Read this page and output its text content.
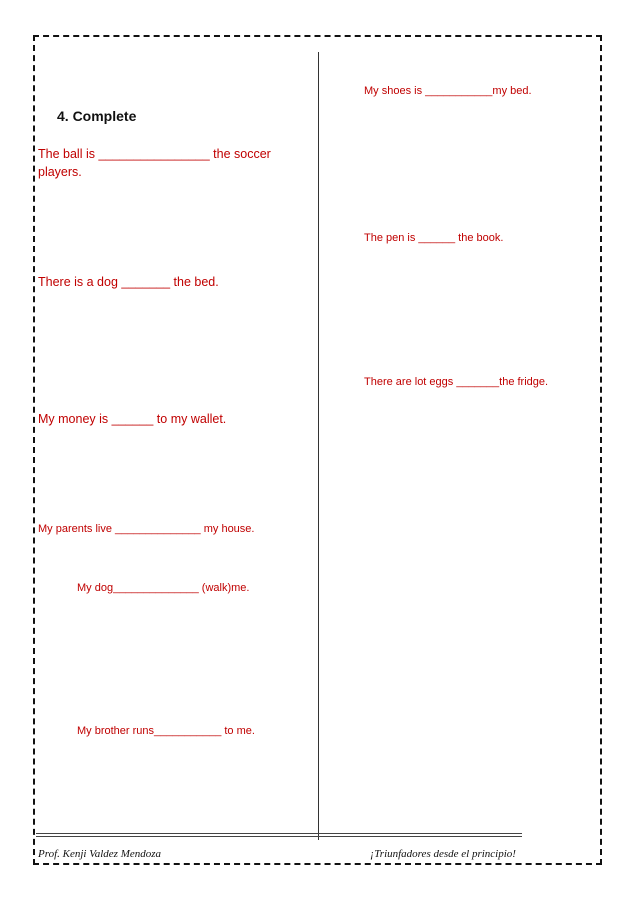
4. Complete
The ball is ________________ the soccer players.
There is a dog _______ the bed.
My money is ______ to my wallet.
My parents live ______________ my house.
My dog______________ (walk)me.
My brother runs___________ to me.
My shoes is ___________my bed.
The pen is ______ the book.
There are lot eggs _______the fridge.
Prof. Kenji Valdez Mendoza	¡Triunfadores desde el principio!
